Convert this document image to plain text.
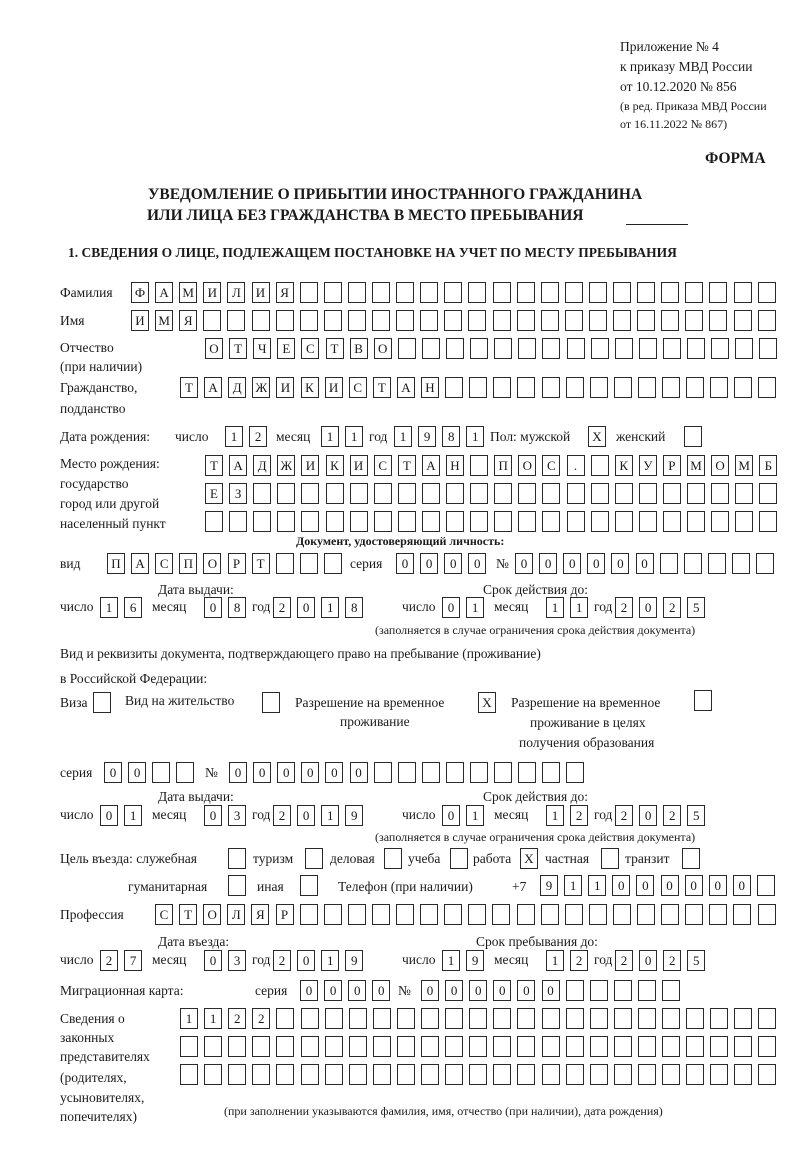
Приложение № 4
к приказу МВД России
от 10.12.2020 № 856
(в ред. Приказа МВД России
от 16.11.2022 № 867)
ФОРМА
УВЕДОМЛЕНИЕ О ПРИБЫТИИ ИНОСТРАННОГО ГРАЖДАНИНА
ИЛИ ЛИЦА БЕЗ ГРАЖДАНСТВА В МЕСТО ПРЕБЫВАНИЯ
1. СВЕДЕНИЯ О ЛИЦЕ, ПОДЛЕЖАЩЕМ ПОСТАНОВКЕ НА УЧЕТ ПО МЕСТУ ПРЕБЫВАНИЯ
Фамилия Ф	А	М	И	Л	И	Я
Имя	И	М	Я
Отчество
(при наличии)
О	Т	Ч	Е	С	Т	В	О
Гражданство,
подданство
Т	А	Д	Ж	И	К	И	С	Т	А	Н
Дата рождения: число	1	2	месяц	1	1 год 1	9	8	1 Пол: мужской	X	женский
Место рождения:
государство
город или другой
населенный пункт
Т	А	Д	Ж	И	К	И	С	Т	А	Н	П	О	С	.	К	У	Р	М	О	М	Б
Е	З
Документ, удостоверяющий личность:
вид	П	А	С	П	О	Р	Т	серия	0	0	0	0	№ 0	0	0	0	0	0
Дата выдачи:	Срок действия до:
число 1	6	месяц	0	8 год 2	0	1	8	число 0	1	месяц	1	1 год 2	0	2	5
(заполняется в случае ограничения срока действия документа)
Вид и реквизиты документа, подтверждающего право на пребывание (проживание)
в Российской Федерации:
Виза	Вид на жительство	Разрешение на временное
проживание
X	Разрешение на временное
проживание в целях
получения образования
серия	0	0	№	0	0	0	0	0	0
Дата выдачи:	Срок действия до:
число 0	1	месяц	0	3 год 2	0	1	9	число 0	1	месяц	1	2 год 2	0	2	5
(заполняется в случае ограничения срока действия документа)
Цель въезда: служебная	туризм	деловая учеба работа	X частная	транзит
гуманитарная	иная	Телефон (при наличии)	+7	9	1	1	0	0	0	0	0	0
Профессия	С	Т	О	Л	Я	Р
Дата въезда:	Срок пребывания до:
число 2	7	месяц	0	3 год 2	0	1	9	число 1	9	месяц	1	2 год 2	0	2	5
Миграционная карта:	серия	0	0	0	0 №	0	0	0	0	0	0
Сведения о
законных
представителях
(родителях,
усыновителях,
попечителях)
1	1	2	2
(при заполнении указываются фамилия, имя, отчество (при наличии), дата рождения)
